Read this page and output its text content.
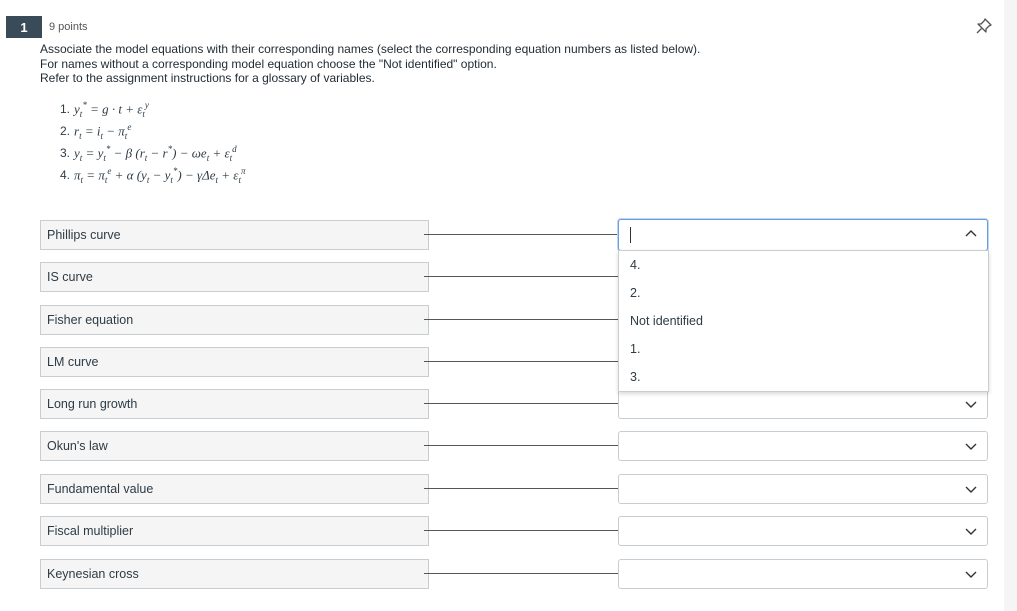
1	9 points
Associate the model equations with their corresponding names (select the corresponding equation numbers as listed below).
For names without a corresponding model equation choose the "Not identified" option.
Refer to the assignment instructions for a glossary of variables.
1. $y_t^* = g \cdot t + \varepsilon_t^y$
2. $r_t = i_t - \pi_t^e$
3. $y_t = y_t^* - \beta$ $(r_t - r^*) - \omega e_t + \varepsilon_t^d$
4. $\pi_t = \pi_t^e + \alpha$ $(y_t - y_t^*) - \gamma\Delta e_t + \varepsilon_t^\pi$
Phillips curve
IS curve
Fisher equation
LM curve
Long run growth
Okun's law
Fundamental value
Fiscal multiplier
Keynesian cross
4.
2.
Not identified
1.
3.
